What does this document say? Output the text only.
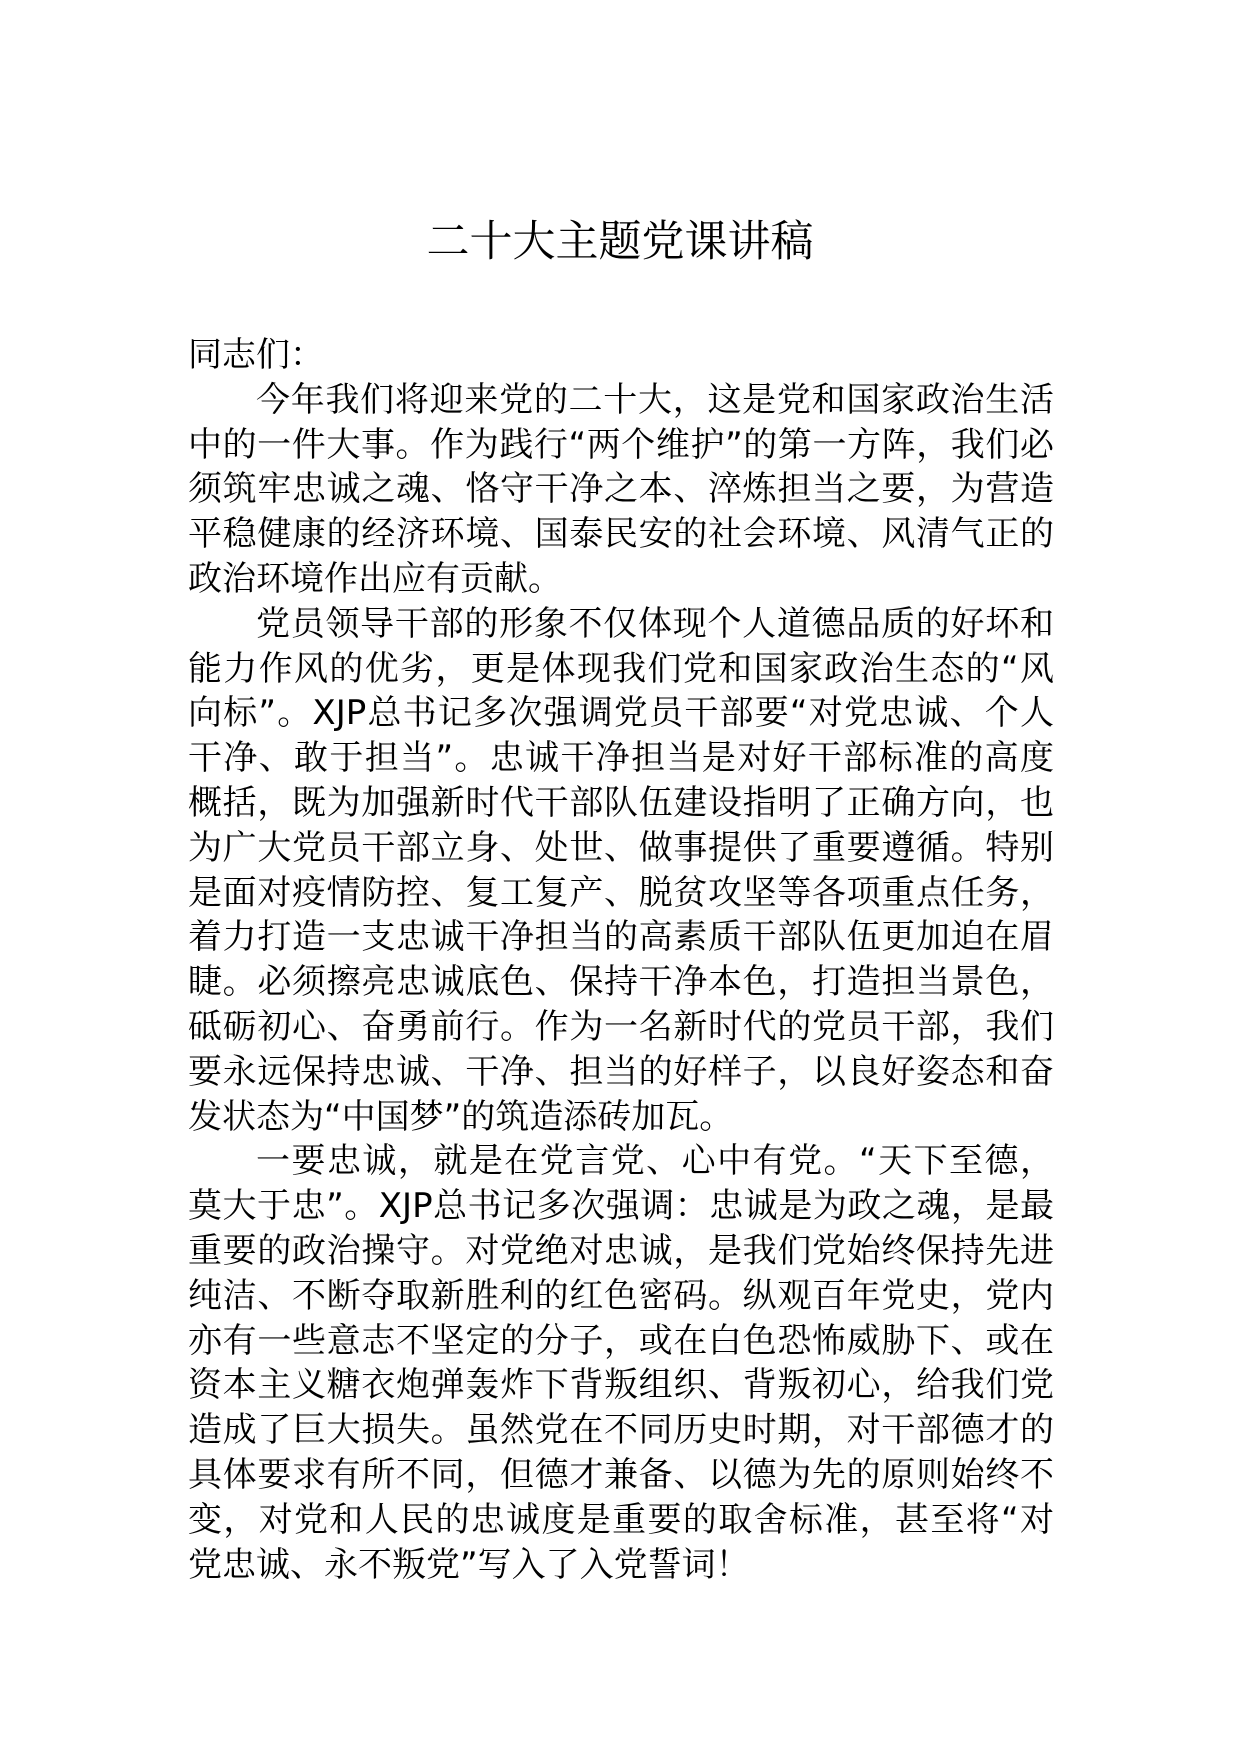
二十大主题党课讲稿

同志们：

今年我们将迎来党的二十大，这是党和国家政治生活中的一件大事。作为践行“两个维护”的第一方阵，我们必须筑牢忠诚之魂、恪守干净之本、淬炼担当之要，为营造平稳健康的经济环境、国泰民安的社会环境、风清气正的政治环境作出应有贡献。

党员领导干部的形象不仅体现个人道德品质的好坏和能力作风的优劣，更是体现我们党和国家政治生态的“风向标”。XJP总书记多次强调党员干部要“对党忠诚、个人干净、敢于担当”。忠诚干净担当是对好干部标准的高度概括，既为加强新时代干部队伍建设指明了正确方向，也为广大党员干部立身、处世、做事提供了重要遵循。特别是面对疫情防控、复工复产、脱贫攻坚等各项重点任务，着力打造一支忠诚干净担当的高素质干部队伍更加迫在眉睫。必须擦亮忠诚底色、保持干净本色，打造担当景色，砥砺初心、奋勇前行。作为一名新时代的党员干部，我们要永远保持忠诚、干净、担当的好样子，以良好姿态和奋发状态为“中国梦”的筑造添砖加瓦。

一要忠诚，就是在党言党、心中有党。“天下至德，莫大于忠”。XJP总书记多次强调：忠诚是为政之魂，是最重要的政治操守。对党绝对忠诚，是我们党始终保持先进纯洁、不断夺取新胜利的红色密码。纵观百年党史，党内亦有一些意志不坚定的分子，或在白色恐怖威胁下、或在资本主义糖衣炮弹轰炸下背叛组织、背叛初心，给我们党造成了巨大损失。虽然党在不同历史时期，对干部德才的具体要求有所不同，但德才兼备、以德为先的原则始终不变，对党和人民的忠诚度是重要的取舍标准，甚至将“对党忠诚、永不叛党”写入了入党誓词！
